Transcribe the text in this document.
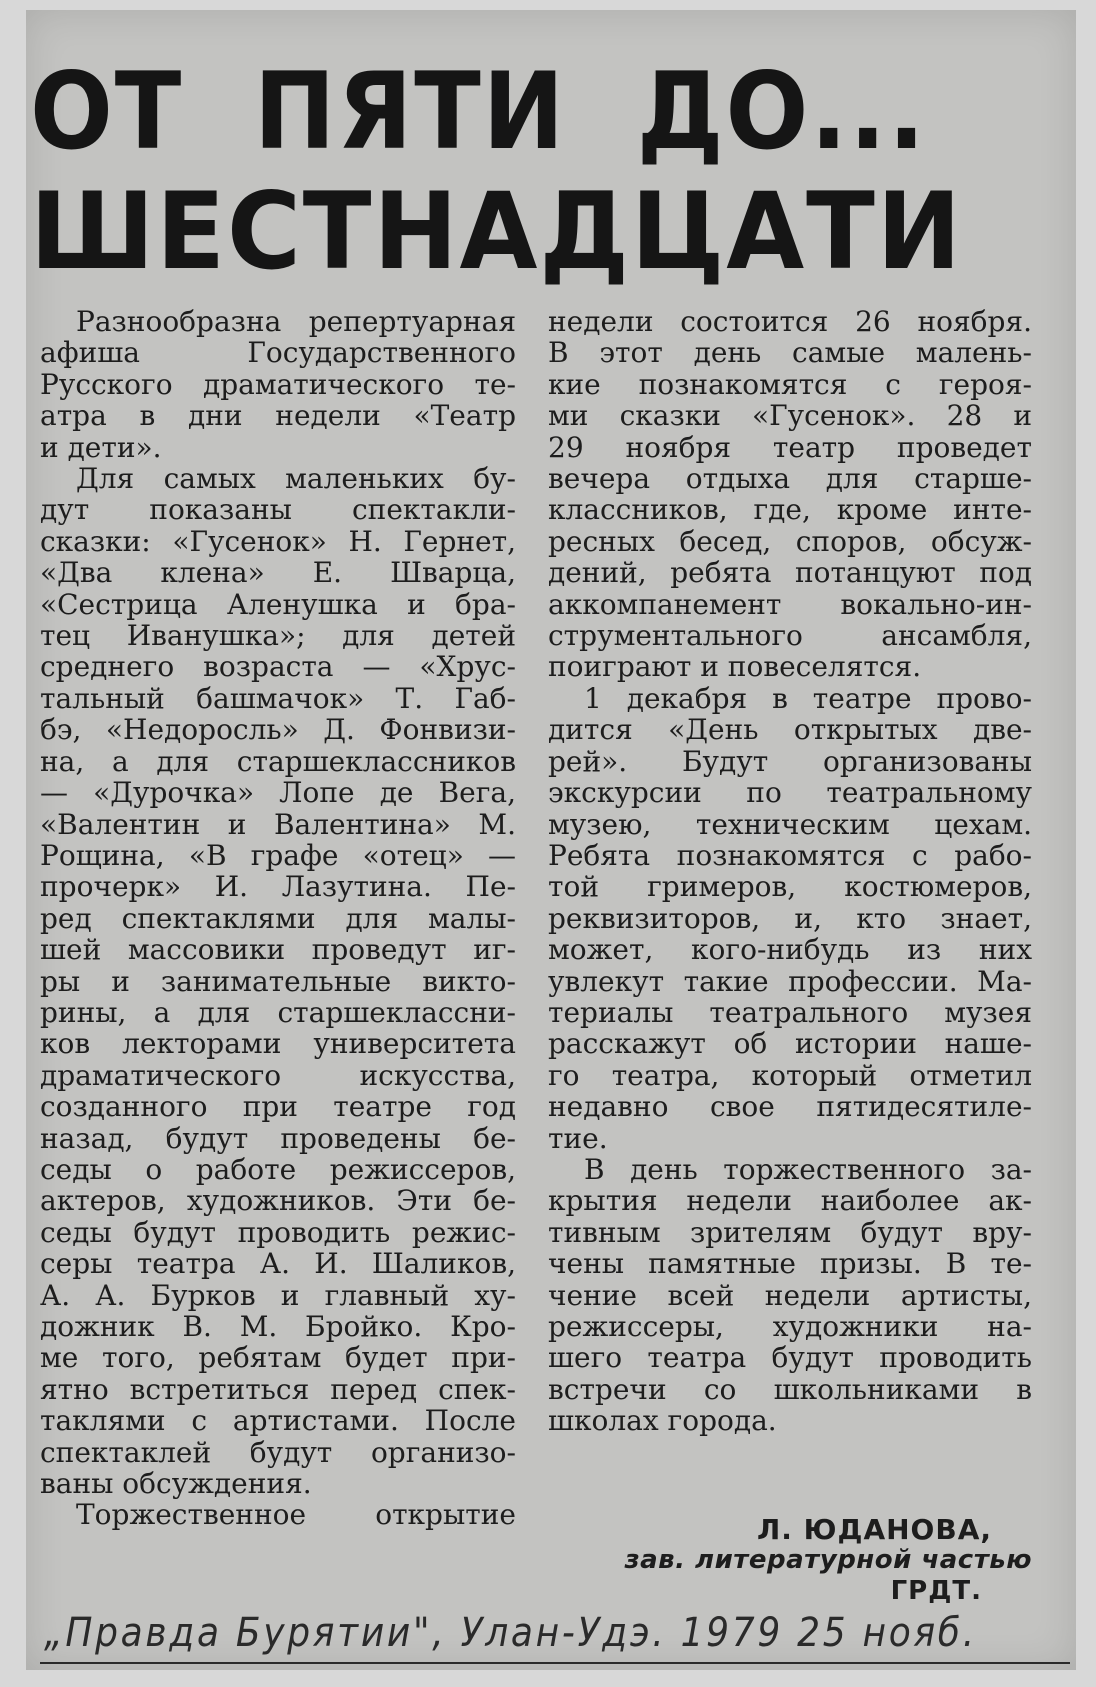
ОТ ПЯТИ ДО...
ШЕСТНАДЦАТИ
Разнообразна репертуарная
афиша Государственного
Русского драматического те-
атра в дни недели «Театр
и дети».
Для самых маленьких бу-
дут показаны спектакли-
сказки: «Гусенок» Н. Гернет,
«Два клена» Е. Шварца,
«Сестрица Аленушка и бра-
тец Иванушка»; для детей
среднего возраста — «Хрус-
тальный башмачок» Т. Габ-
бэ, «Недоросль» Д. Фонвизи-
на, а для старшеклассников
— «Дурочка» Лопе де Вега,
«Валентин и Валентина» М.
Рощина, «В графе «отец» —
прочерк» И. Лазутина. Пе-
ред спектаклями для малы-
шей массовики проведут иг-
ры и занимательные викто-
рины, а для старшеклассни-
ков лекторами университета
драматического искусства,
созданного при театре год
назад, будут проведены бе-
седы о работе режиссеров,
актеров, художников. Эти бе-
седы будут проводить режис-
серы театра А. И. Шаликов,
А. А. Бурков и главный ху-
дожник В. М. Бройко. Кро-
ме того, ребятам будет при-
ятно встретиться перед спек-
таклями с артистами. После
спектаклей будут организо-
ваны обсуждения.
Торжественное открытие
недели состоится 26 ноября.
В этот день самые малень-
кие познакомятся с героя-
ми сказки «Гусенок». 28 и
29 ноября театр проведет
вечера отдыха для старше-
классников, где, кроме инте-
ресных бесед, споров, обсуж-
дений, ребята потанцуют под
аккомпанемент вокально-ин-
струментального ансамбля,
поиграют и повеселятся.
1 декабря в театре прово-
дится «День открытых две-
рей». Будут организованы
экскурсии по театральному
музею, техническим цехам.
Ребята познакомятся с рабо-
той гримеров, костюмеров,
реквизиторов, и, кто знает,
может, кого-нибудь из них
увлекут такие профессии. Ма-
териалы театрального музея
расскажут об истории наше-
го театра, который отметил
недавно свое пятидесятиле-
тие.
В день торжественного за-
крытия недели наиболее ак-
тивным зрителям будут вру-
чены памятные призы. В те-
чение всей недели артисты,
режиссеры, художники на-
шего театра будут проводить
встречи со школьниками в
школах города.
Л. ЮДАНОВА,
зав. литературной частью
ГРДТ.
„Правда Бурятии", Улан-Удэ. 1979 25 нояб.
